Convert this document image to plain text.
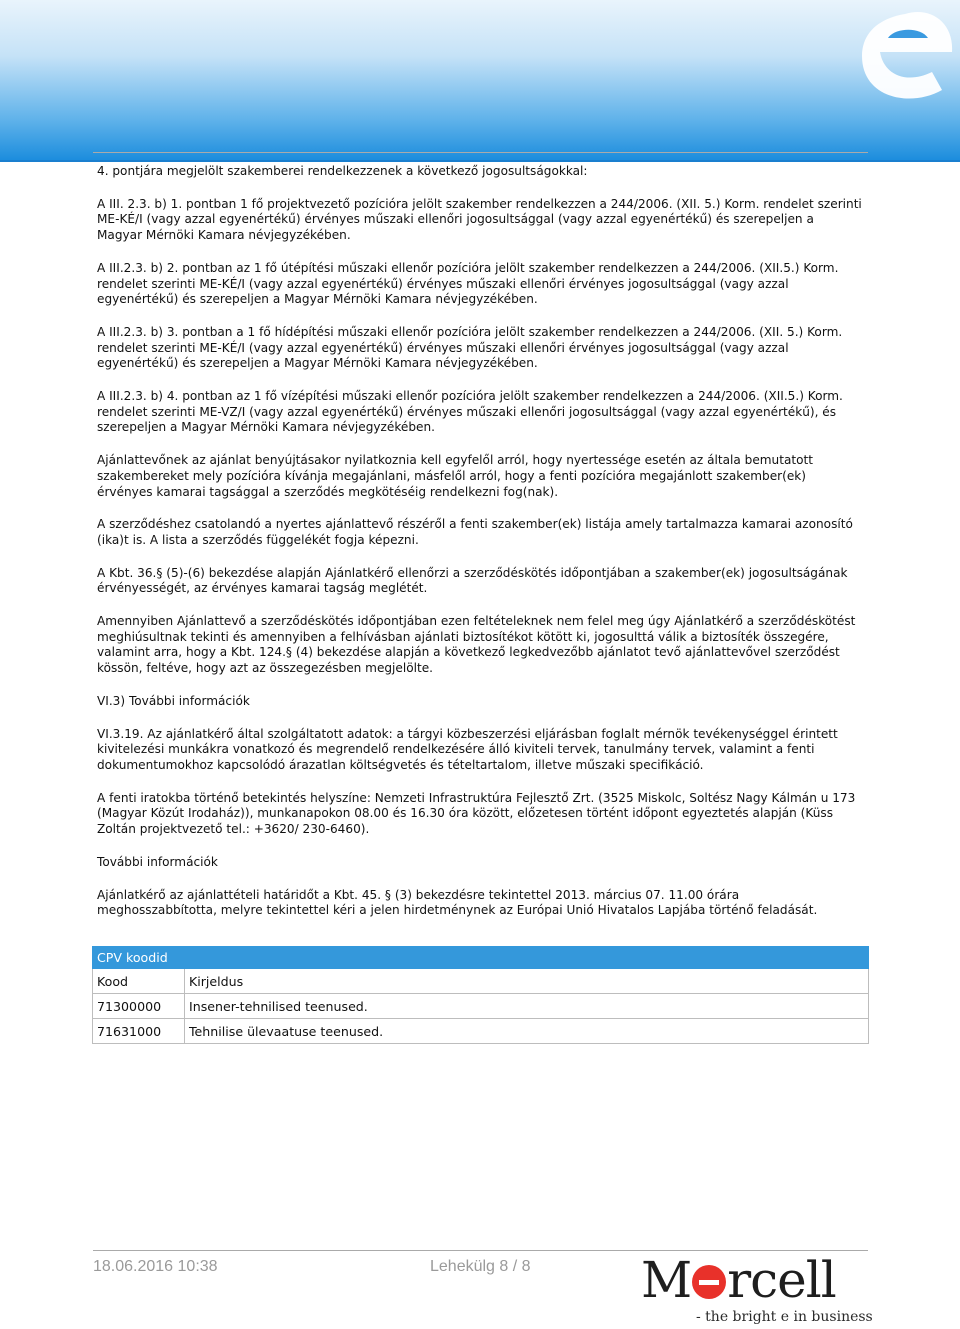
4. pontjára megjelölt szakemberei rendelkezzenek a következő jogosultságokkal:

A III. 2.3. b) 1. pontban 1 fő projektvezető pozícióra jelölt szakember rendelkezzen a 244/2006. (XII. 5.) Korm. rendelet szerinti ME-KÉ/I (vagy azzal egyenértékű) érvényes műszaki ellenőri jogosultsággal (vagy azzal egyenértékű) és szerepeljen a Magyar Mérnöki Kamara névjegyzékében.

A III.2.3. b) 2. pontban az 1 fő útépítési műszaki ellenőr pozícióra jelölt szakember rendelkezzen a 244/2006. (XII.5.) Korm. rendelet szerinti ME-KÉ/I (vagy azzal egyenértékű) érvényes műszaki ellenőri érvényes jogosultsággal (vagy azzal egyenértékű) és szerepeljen a Magyar Mérnöki Kamara névjegyzékében.

A III.2.3. b) 3. pontban a 1 fő hídépítési műszaki ellenőr pozícióra jelölt szakember rendelkezzen a 244/2006. (XII. 5.) Korm. rendelet szerinti ME-KÉ/I (vagy azzal egyenértékű) érvényes műszaki ellenőri érvényes jogosultsággal (vagy azzal egyenértékű) és szerepeljen a Magyar Mérnöki Kamara névjegyzékében.

A III.2.3. b) 4. pontban az 1 fő vízépítési műszaki ellenőr pozícióra jelölt szakember rendelkezzen a 244/2006. (XII.5.) Korm. rendelet szerinti ME-VZ/I (vagy azzal egyenértékű) érvényes műszaki ellenőri jogosultsággal (vagy azzal egyenértékű), és szerepeljen a Magyar Mérnöki Kamara névjegyzékében.

Ajánlattevőnek az ajánlat benyújtásakor nyilatkoznia kell egyfelől arról, hogy nyertessége esetén az általa bemutatott szakembereket mely pozícióra kívánja megajánlani, másfelől arról, hogy a fenti pozícióra megajánlott szakember(ek) érvényes kamarai tagsággal a szerződés megkötéséig rendelkezni fog(nak).

A szerződéshez csatolandó a nyertes ajánlattevő részéről a fenti szakember(ek) listája amely tartalmazza kamarai azonosító (ika)t is. A lista a szerződés függelékét fogja képezni.

A Kbt. 36.§ (5)-(6) bekezdése alapján Ajánlatkérő ellenőrzi a szerződéskötés időpontjában a szakember(ek) jogosultságának érvényességét, az érvényes kamarai tagság meglétét.

Amennyiben Ajánlattevő a szerződéskötés időpontjában ezen feltételeknek nem felel meg úgy Ajánlatkérő a szerződéskötést meghiúsultnak tekinti és amennyiben a felhívásban ajánlati biztosítékot kötött ki, jogosulttá válik a biztosíték összegére, valamint arra, hogy a Kbt. 124.§ (4) bekezdése alapján a következő legkedvezőbb ajánlatot tevő ajánlattevővel szerződést kössön, feltéve, hogy azt az összegezésben megjelölte.

VI.3) További információk

VI.3.19. Az ajánlatkérő által szolgáltatott adatok: a tárgyi közbeszerzési eljárásban foglalt mérnök tevékenységgel érintett kivitelezési munkákra vonatkozó és megrendelő rendelkezésére álló kiviteli tervek, tanulmány tervek, valamint a fenti dokumentumokhoz kapcsolódó árazatlan költségvetés és tételtartalom, illetve műszaki specifikáció.

A fenti iratokba történő betekintés helyszíne: Nemzeti Infrastruktúra Fejlesztő Zrt. (3525 Miskolc, Soltész Nagy Kálmán u 173 (Magyar Közút Irodaház)), munkanapokon 08.00 és 16.30 óra között, előzetesen történt időpont egyeztetés alapján (Küss Zoltán projektvezető tel.: +3620/ 230-6460).

További információk

Ajánlatkérő az ajánlattételi határidőt a Kbt. 45. § (3) bekezdésre tekintettel 2013. március 07. 11.00 órára meghosszabbította, melyre tekintettel kéri a jelen hirdetménynek az Európai Unió Hivatalos Lapjába történő feladását.

CPV koodid	
Kood	Kirjeldus
71300000	Insener-tehnilised teenused.
71631000	Tehnilise ülevaatuse teenused.
18.06.2016 10:38	Lehekülg 8 / 8 M rcell
- the bright e in business
